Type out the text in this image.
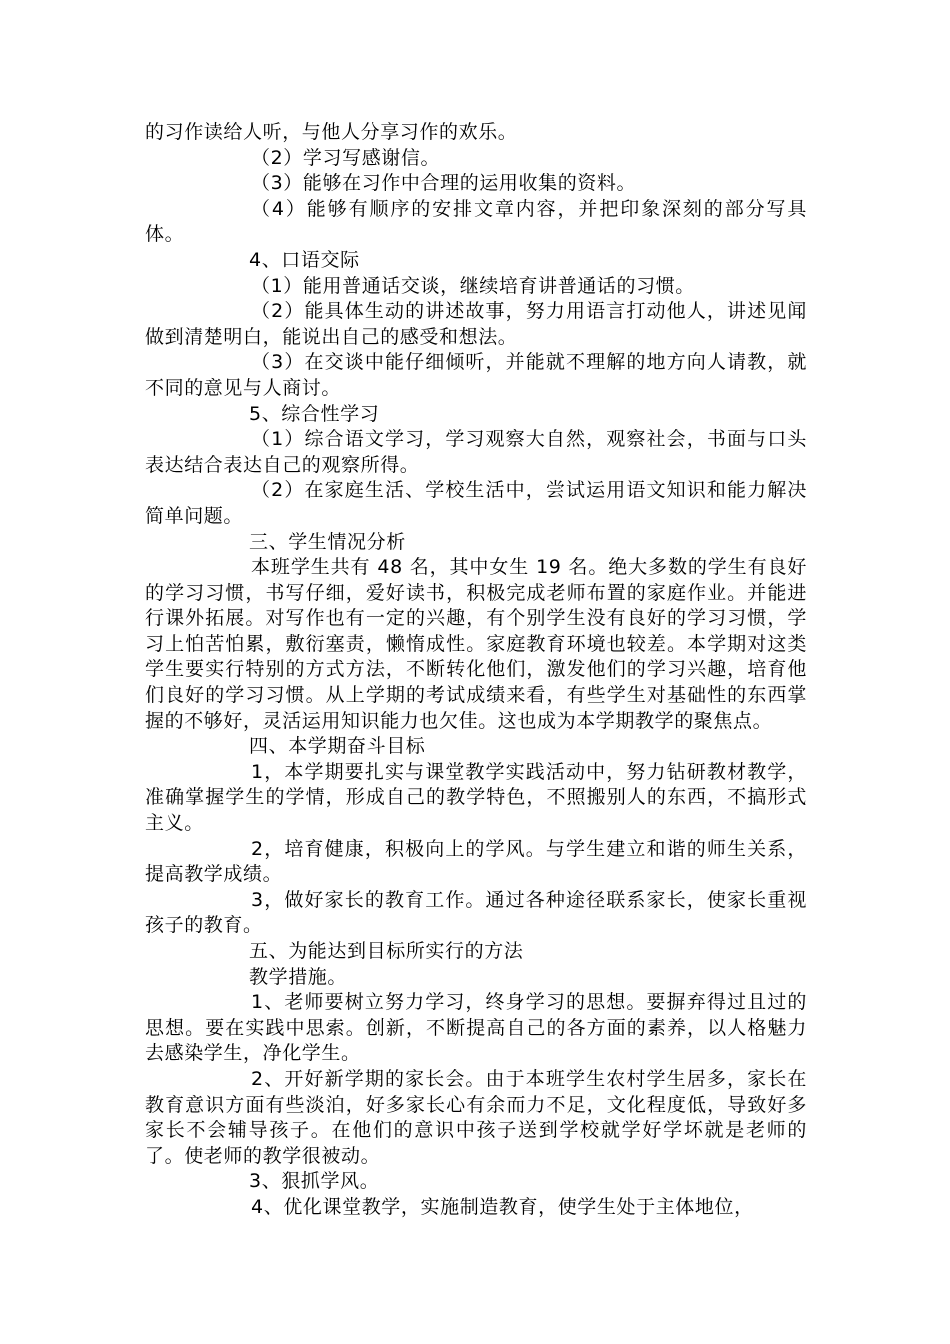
的习作读给人听，与他人分享习作的欢乐。

（2）学习写感谢信。

（3）能够在习作中合理的运用收集的资料。

（4）能够有顺序的安排文章内容，并把印象深刻的部分写具体。

4、口语交际

（1）能用普通话交谈，继续培育讲普通话的习惯。

（2）能具体生动的讲述故事，努力用语言打动他人，讲述见闻做到清楚明白，能说出自己的感受和想法。

（3）在交谈中能仔细倾听，并能就不理解的地方向人请教，就不同的意见与人商讨。

5、综合性学习

（1）综合语文学习，学习观察大自然，观察社会，书面与口头表达结合表达自己的观察所得。

（2）在家庭生活、学校生活中，尝试运用语文知识和能力解决简单问题。

三、学生情况分析

本班学生共有 48 名，其中女生 19 名。绝大多数的学生有良好的学习习惯，书写仔细，爱好读书，积极完成老师布置的家庭作业。并能进行课外拓展。对写作也有一定的兴趣，有个别学生没有良好的学习习惯，学习上怕苦怕累，敷衍塞责，懒惰成性。家庭教育环境也较差。本学期对这类学生要实行特别的方式方法，不断转化他们，激发他们的学习兴趣，培育他们良好的学习习惯。从上学期的考试成绩来看，有些学生对基础性的东西掌握的不够好，灵活运用知识能力也欠佳。这也成为本学期教学的聚焦点。

四、本学期奋斗目标

1，本学期要扎实与课堂教学实践活动中，努力钻研教材教学，准确掌握学生的学情，形成自己的教学特色，不照搬别人的东西，不搞形式主义。

2，培育健康，积极向上的学风。与学生建立和谐的师生关系，提高教学成绩。

3，做好家长的教育工作。通过各种途径联系家长，使家长重视孩子的教育。

五、为能达到目标所实行的方法

教学措施。

1、老师要树立努力学习，终身学习的思想。要摒弃得过且过的思想。要在实践中思索。创新，不断提高自己的各方面的素养，以人格魅力去感染学生，净化学生。

2、开好新学期的家长会。由于本班学生农村学生居多，家长在教育意识方面有些淡泊，好多家长心有余而力不足，文化程度低，导致好多家长不会辅导孩子。在他们的意识中孩子送到学校就学好学坏就是老师的了。使老师的教学很被动。

3、狠抓学风。

4、优化课堂教学，实施制造教育，使学生处于主体地位，
